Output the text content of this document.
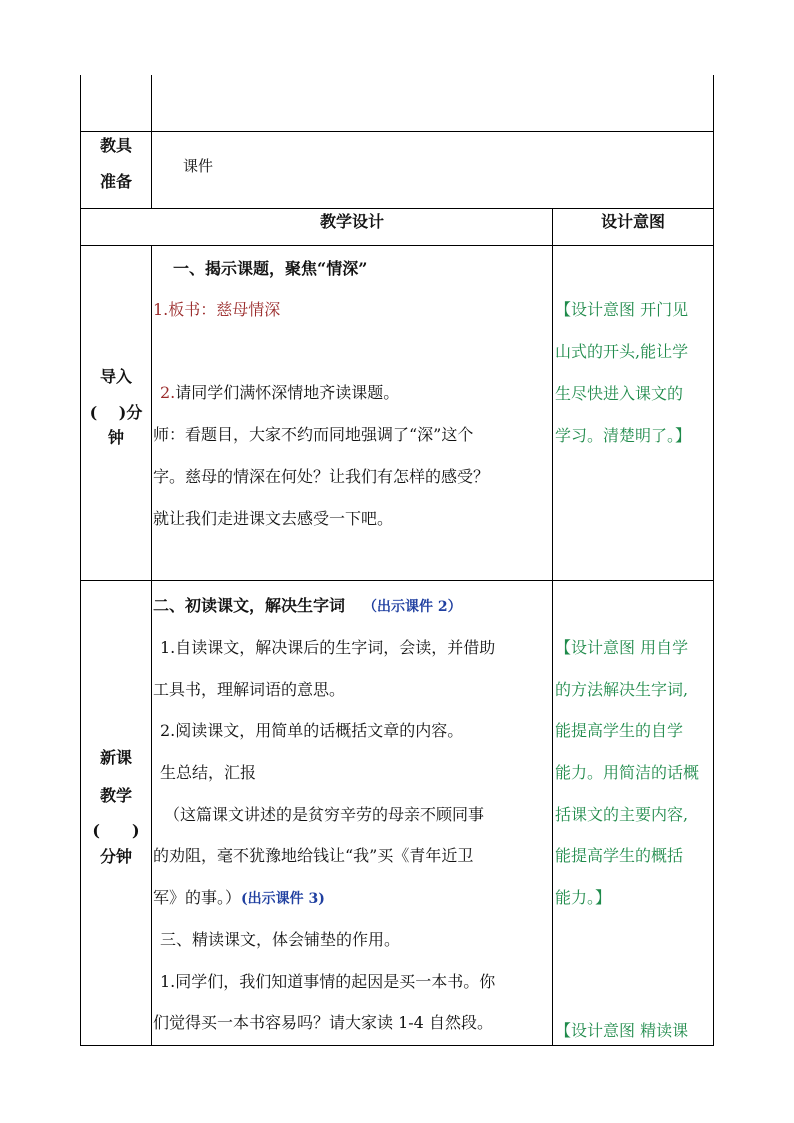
教具
准备
课件
教学设计	设计意图
导入
(　 )分
钟
一、揭示课题，聚焦“情深”
1.板书：慈母情深
2.请同学们满怀深情地齐读课题。
师：看题目，大家不约而同地强调了“深”这个
字。慈母的情深在何处？让我们有怎样的感受？
就让我们走进课文去感受一下吧。
【设计意图 开门见
山式的开头,能让学
生尽快进入课文的
学习。清楚明了。】
新课
教学
(　　)
分钟
二、初读课文，解决生字词 （出示课件 2）
1.自读课文，解决课后的生字词，会读，并借助
工具书，理解词语的意思。
2.阅读课文，用简单的话概括文章的内容。
生总结，汇报
（这篇课文讲述的是贫穷辛劳的母亲不顾同事
的劝阻，毫不犹豫地给钱让“我”买《青年近卫
军》的事。）(出示课件 3)
三、精读课文，体会铺垫的作用。
1.同学们，我们知道事情的起因是买一本书。你
们觉得买一本书容易吗？请大家读 1-4 自然段。
【设计意图 用自学
的方法解决生字词,
能提高学生的自学
能力。用简洁的话概
括课文的主要内容,
能提高学生的概括
能力。】
【设计意图 精读课
